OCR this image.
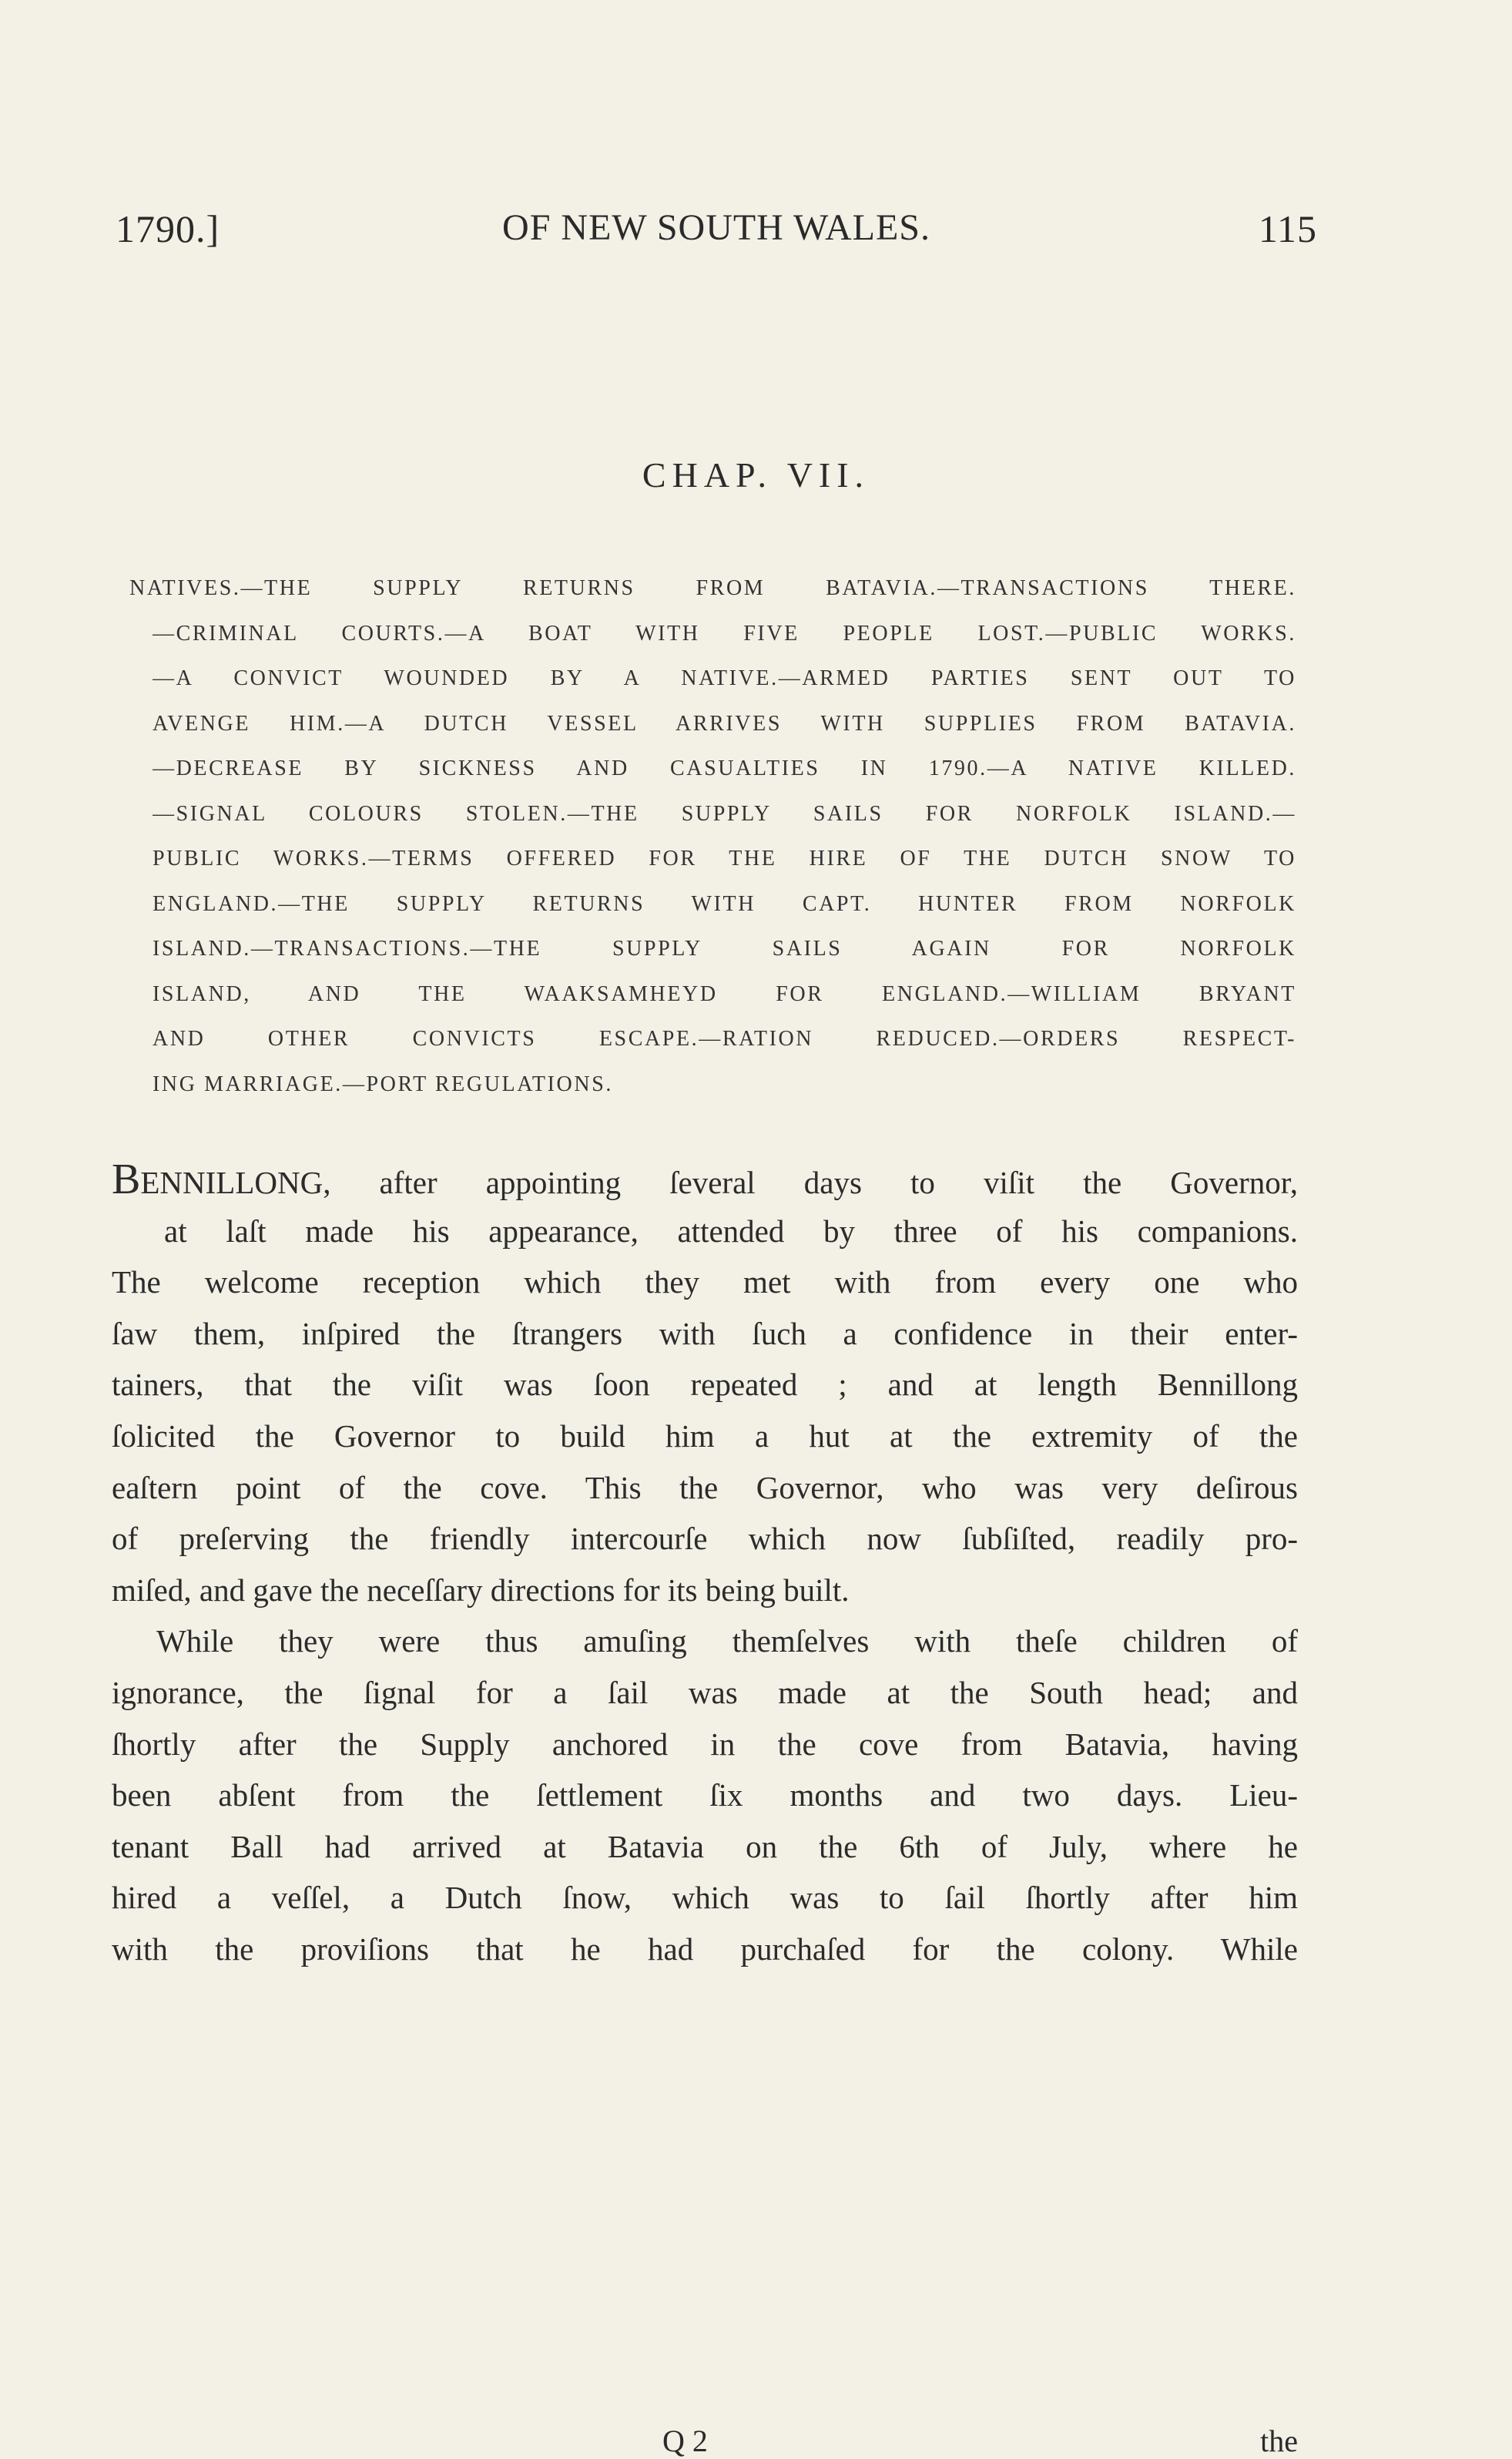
1790.]	OF NEW SOUTH WALES.	115
CHAP. VII.
NATIVES.—THE SUPPLY RETURNS FROM BATAVIA.—TRANSACTIONS THERE.
—CRIMINAL COURTS.—A BOAT WITH FIVE PEOPLE LOST.—PUBLIC WORKS.
—A CONVICT WOUNDED BY A NATIVE.—ARMED PARTIES SENT OUT TO
AVENGE HIM.—A DUTCH VESSEL ARRIVES WITH SUPPLIES FROM BATAVIA.
—DECREASE BY SICKNESS AND CASUALTIES IN 1790.—A NATIVE KILLED.
—SIGNAL COLOURS STOLEN.—THE SUPPLY SAILS FOR NORFOLK ISLAND.—
PUBLIC WORKS.—TERMS OFFERED FOR THE HIRE OF THE DUTCH SNOW TO
ENGLAND.—THE SUPPLY RETURNS WITH CAPT. HUNTER FROM NORFOLK
ISLAND.—TRANSACTIONS.—THE SUPPLY SAILS AGAIN FOR NORFOLK
ISLAND, AND THE WAAKSAMHEYD FOR ENGLAND.—WILLIAM BRYANT
AND OTHER CONVICTS ESCAPE.—RATION REDUCED.—ORDERS RESPECT-
ING MARRIAGE.—PORT REGULATIONS.
BENNILLONG, after appointing ſeveral days to viſit the Governor,
at laſt made his appearance, attended by three of his companions.
The welcome reception which they met with from every one who
ſaw them, inſpired the ſtrangers with ſuch a confidence in their enter-
tainers, that the viſit was ſoon repeated ; and at length Bennillong
ſolicited the Governor to build him a hut at the extremity of the
eaſtern point of the cove. This the Governor, who was very deſirous
of preſerving the friendly intercourſe which now ſubſiſted, readily pro-
miſed, and gave the neceſſary directions for its being built.
While they were thus amuſing themſelves with theſe children of
ignorance, the ſignal for a ſail was made at the South head; and
ſhortly after the Supply anchored in the cove from Batavia, having
been abſent from the ſettlement ſix months and two days. Lieu-
tenant Ball had arrived at Batavia on the 6th of July, where he
hired a veſſel, a Dutch ſnow, which was to ſail ſhortly after him
with the proviſions that he had purchaſed for the colony. While
Q 2	the
